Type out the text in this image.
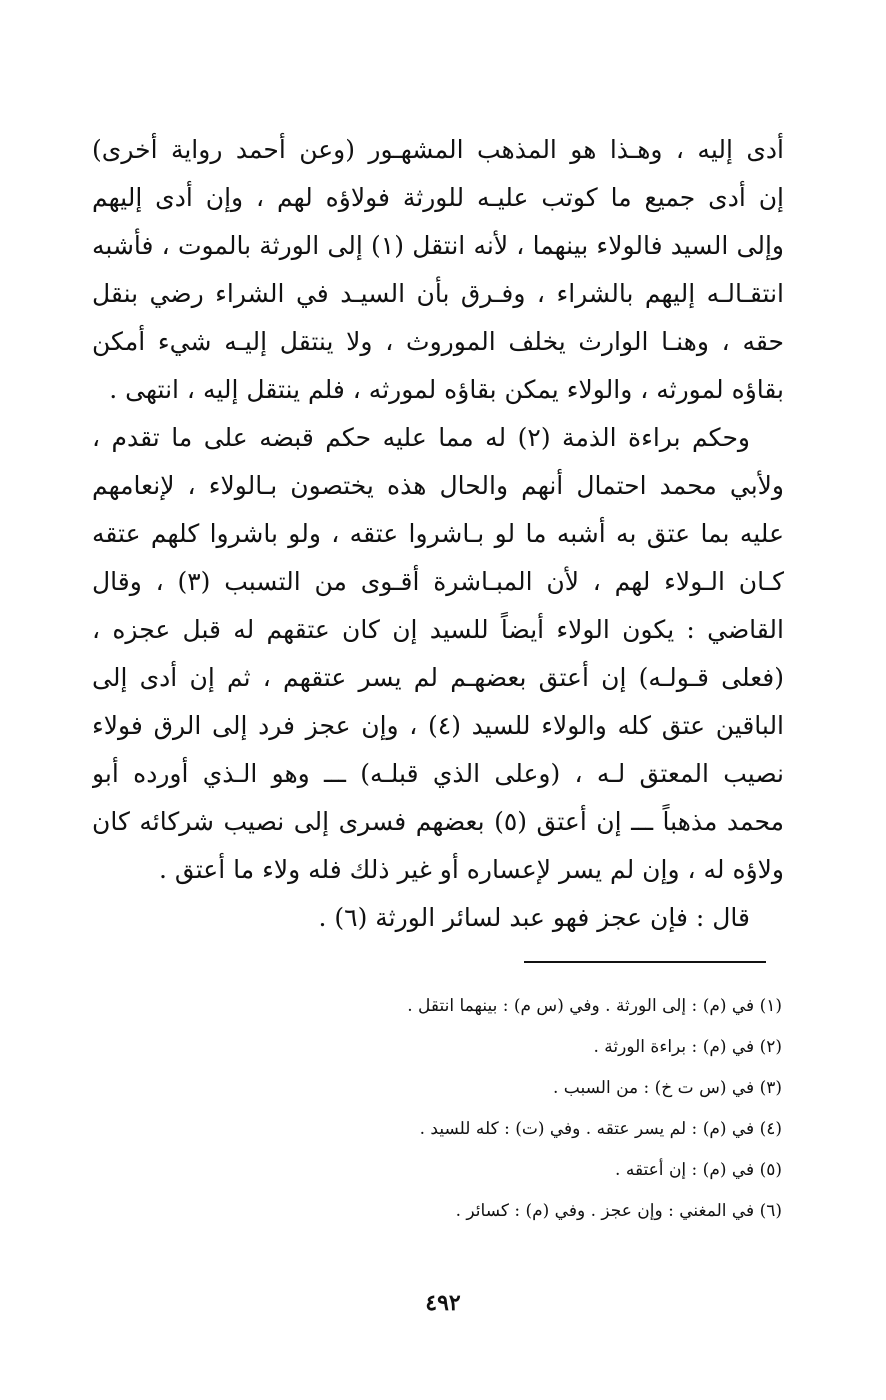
أدى إليه ، وهـذا هو المذهب المشهـور (وعن أحمد رواية أخرى)
إن أدى جميع ما كوتب عليـه للورثة فولاؤه لهم ، وإن أدى إليهم
وإلى السيد فالولاء بينهما ، لأنه انتقل (١) إلى الورثة بالموت ، فأشبه
انتقـالـه إليهم بالشراء ، وفـرق بأن السيـد في الشراء رضي بنقل
حقه ، وهنـا الوارث يخلف الموروث ، ولا ينتقل إليـه شيء أمكن
بقاؤه لمورثه ، والولاء يمكن بقاؤه لمورثه ، فلم ينتقل إليه ، انتهى .
وحكم براءة الذمة (٢) له مما عليه حكم قبضه على ما تقدم ،
ولأبي محمد احتمال أنهم والحال هذه يختصون بـالولاء ، لإنعامهم
عليه بما عتق به أشبه ما لو بـاشروا عتقه ، ولو باشروا كلهم عتقه
كـان الـولاء لهم ، لأن المبـاشرة أقـوى من التسبب (٣) ، وقال
القاضي : يكون الولاء أيضاً للسيد إن كان عتقهم له قبل عجزه ،
(فعلى قـولـه) إن أعتق بعضهـم لم يسر عتقهم ، ثم إن أدى إلى
الباقين عتق كله والولاء للسيد (٤) ، وإن عجز فرد إلى الرق فولاء
نصيب المعتق لـه ، (وعلى الذي قبلـه) ـــ وهو الـذي أورده أبو
محمد مذهباً ـــ إن أعتق (٥) بعضهم فسرى إلى نصيب شركائه كان
ولاؤه له ، وإن لم يسر لإعساره أو غير ذلك فله ولاء ما أعتق .
قال : فإن عجز فهو عبد لسائر الورثة (٦) .
(١) في (م) : إلى الورثة . وفي (س م) : بينهما انتقل .
(٢) في (م) : براءة الورثة .
(٣) في (س ت خ) : من السبب .
(٤) في (م) : لم يسر عتقه . وفي (ت) : كله للسيد .
(٥) في (م) : إن أعتقه .
(٦) في المغني : وإن عجز . وفي (م) : كسائر .
٤٩٢
